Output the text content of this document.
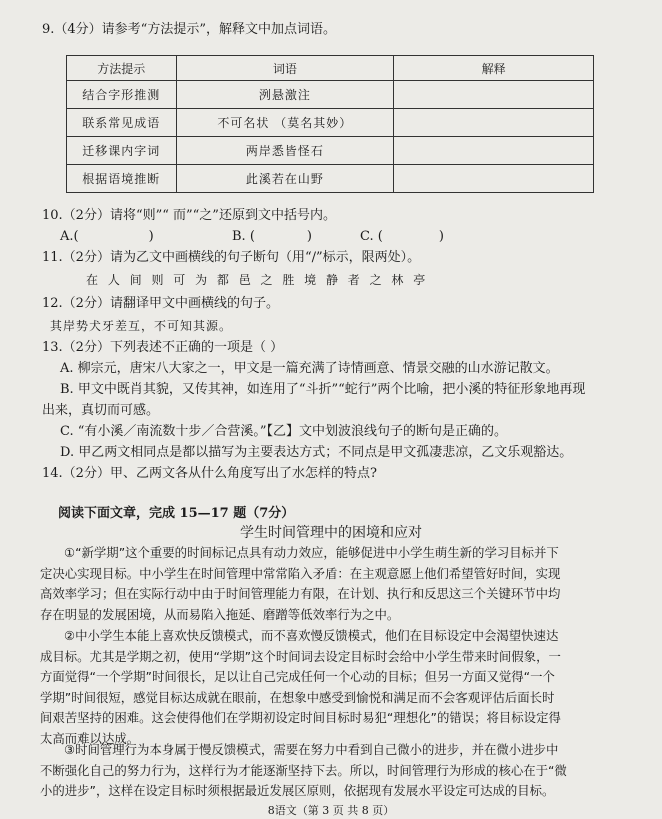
9.（4分）请参考“方法提示”，解释文中加点词语。
方法提示	词语	解释
结合字形推测	洌悬激注	
联系常见成语	不可名状 （莫名其妙）	
迁移课内字词	两岸悉皆怪石	
根据语境推断	此溪若在山野	
10.（2分）请将“则”“ 而”“之”还原到文中括号内。
A.(	)	B. (	)	C. (	)
11.（2分）请为乙文中画横线的句子断句（用“/”标示，限两处）。
在 人 间 则 可 为 都 邑 之 胜 境 静 者 之 林 亭
12.（2分）请翻译甲文中画横线的句子。
其岸势犬牙差互，不可知其源。
13.（2分）下列表述不正确的一项是（ ）
A. 柳宗元，唐宋八大家之一，甲文是一篇充满了诗情画意、情景交融的山水游记散文。
B. 甲文中既肖其貌，又传其神，如连用了“斗折”“蛇行”两个比喻，把小溪的特征形象地再现
出来，真切而可感。
C. “有小溪／南流数十步／合营溪。”【乙】文中划波浪线句子的断句是正确的。
D. 甲乙两文相同点是都以描写为主要表达方式；不同点是甲文孤凄悲凉，乙文乐观豁达。
14.（2分）甲、乙两文各从什么角度写出了水怎样的特点?
阅读下面文章，完成 15—17 题（7分）
学生时间管理中的困境和应对
①“新学期”这个重要的时间标记点具有动力效应，能够促进中小学生萌生新的学习目标并下
定决心实现目标。中小学生在时间管理中常常陷入矛盾：在主观意愿上他们希望管好时间，实现
高效率学习；但在实际行动中由于时间管理能力有限，在计划、执行和反思这三个关键环节中均
存在明显的发展困境，从而易陷入拖延、磨蹭等低效率行为之中。
②中小学生本能上喜欢快反馈模式，而不喜欢慢反馈模式，他们在目标设定中会渴望快速达
成目标。尤其是学期之初，使用“学期”这个时间词去设定目标时会给中小学生带来时间假象，一
方面觉得“一个学期”时间很长，足以让自己完成任何一个心动的目标；但另一方面又觉得“一个
学期”时间很短，感觉目标达成就在眼前，在想象中感受到愉悦和满足而不会客观评估后面长时
间艰苦坚持的困难。这会使得他们在学期初设定时间目标时易犯“理想化”的错误；将目标设定得
太高而难以达成。
③时间管理行为本身属于慢反馈模式，需要在努力中看到自己微小的进步，并在微小进步中
不断强化自己的努力行为，这样行为才能逐渐坚持下去。所以，时间管理行为形成的核心在于“微
小的进步”，这样在设定目标时须根据最近发展区原则，依据现有发展水平设定可达成的目标。
8语文（第 3 页 共 8 页）
